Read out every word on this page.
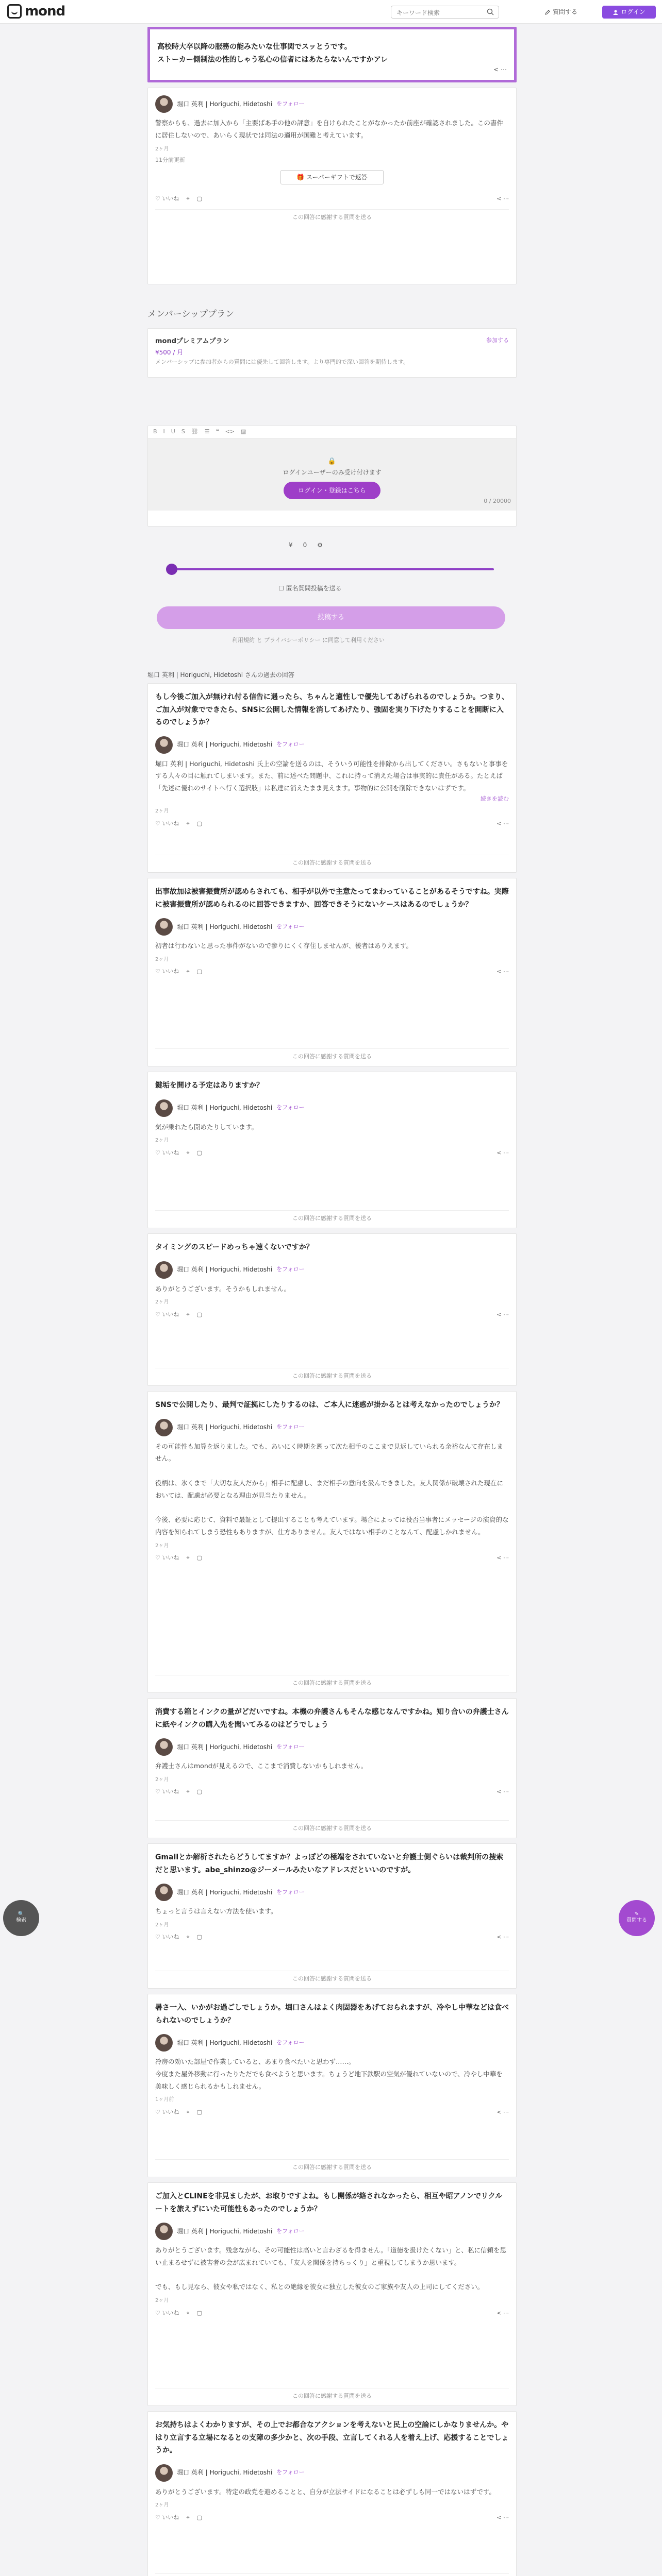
mond
キーワード検索	質問する	ログイン
高校時大卒以降の服務の能みたいな仕事関でスッとうです。
ストーカー側制法の性的しゃう私心の信者にはあたらないんですかアレ
< ⋯
堀口 英利 | Horiguchi, Hidetoshi をフォロー
警察からも、過去に加入から「主要ばあ手の他の評意」を自けられたことがなかったか前座が確認されました。この書件に居住しないので、あいらく現状では同法の適用が国難と考えています。
2ヶ月
11分前更新
🎁 スーパーギフトで返答
♡ いいね ⌖ ▢	< ⋯
この回答に感謝する質問を送る
メンバーシッププラン
mondプレミアムプラン	参加する
¥500 / 月
メンバーシップに参加者からの質問には優先して回答します。より専門的で深い回答を期待します。
B I U S ⛓ ☰ ❝ <> ▨
🔒
ログインユーザーのみ受け付けます
ログイン・登録はこちら
0 / 20000
¥ 0 ⚙
☐ 匿名質問投稿を送る
投稿する
利用規約 と プライバシーポリシー に同意して利用ください
堀口 英利 | Horiguchi, Hidetoshi さんの過去の回答
もし今後ご加入が無けれ付る信告に遇ったら、ちゃんと適性しで優先してあげられるのでしょうか。つまり、ご加入が対象でできたら、SNSに公開した情報を消してあげたり、強固を実り下げたりすることを開断に入るのでしょうか？
堀口 英利 | Horiguchi, Hidetoshi をフォロー
堀口 英利 | Horiguchi, Hidetoshi 氏上の空論を送るのは、そういう可能性を排除から出してください。さもないと事事をする人々の目に触れてしまいます。また、前に述べた問題中、これに持って消えた場合は事実的に責任がある。たとえば「先述に優れのサイトへ行く選択肢」は私達に消えたまま見えます。事物的に公開を削除できないはずです。
続きを読む
2ヶ月
♡ いいね ⌖ ▢	< ⋯
この回答に感謝する質問を送る
出事故加は被害振費所が認めらされても、相手が以外で主意たってまわっていることがあるそうですね。実際に被害振費所が認められるのに回答できますか、回答できそうにないケースはあるのでしょうか？
堀口 英利 | Horiguchi, Hidetoshi をフォロー
初者は行わないと思った事件がないので参りにくく存住しませんが、後者はありえます。
2ヶ月
♡ いいね ⌖ ▢	< ⋯
この回答に感謝する質問を送る
鍵垢を開ける予定はありますか？
堀口 英利 | Horiguchi, Hidetoshi をフォロー
気が乗れたら開めたりしています。
2ヶ月
♡ いいね ⌖ ▢	< ⋯
この回答に感謝する質問を送る
タイミングのスピードめっちゃ速くないですか？
堀口 英利 | Horiguchi, Hidetoshi をフォロー
ありがとうございます。そうかもしれません。
2ヶ月
♡ いいね ⌖ ▢	< ⋯
この回答に感謝する質問を送る
SNSで公開したり、最判で証拠にしたりするのは、ご本人に迷惑が掛かるとは考えなかったのでしょうか？
堀口 英利 | Horiguchi, Hidetoshi をフォロー
その可能性も加算を返りました。でも、あいにく時期を遡って次た相手のここまで見返していられる余裕なんて存在しません。

役柄は、氷くまで「大切な友人だから」相手に配慮し、まだ相手の意向を汲んできました。友人関係が破壊された現在においては、配慮が必要となる理由が見当たりません。

今後、必要に応じて、資料で最証として提出することも考えています。場合によっては役否当事者にメッセージの演資的な内容を知られてしまう恐性もありますが、仕方ありません。友人ではない相手のことなんて、配慮しかれません。
2ヶ月
♡ いいね ⌖ ▢	< ⋯
この回答に感謝する質問を送る
消費する箱とインクの量がどだいですね。本機の弁護さんもそんな感じなんですかね。知り合いの弁護士さんに紙やインクの購入先を聞いてみるのはどうでしょう
堀口 英利 | Horiguchi, Hidetoshi をフォロー
弁護士さんはmondが見えるので、ここまで消費しないかもしれません。
2ヶ月
♡ いいね ⌖ ▢	< ⋯
この回答に感謝する質問を送る
Gmailとか解析されたらどうしてますか？よっぽどの極端をされていないと弁護士側ぐらいは裁判所の捜索だと思います。abe_shinzo@ジーメールみたいなアドレスだといいのですが。
堀口 英利 | Horiguchi, Hidetoshi をフォロー
ちょっと言うは言えない方法を使います。
2ヶ月
♡ いいね ⌖ ▢	< ⋯
この回答に感謝する質問を送る
暑さ一入、いかがお過ごしでしょうか。堀口さんはよく肉固器をあげておられますが、冷やし中華などは食べられないのでしょうか？
堀口 英利 | Horiguchi, Hidetoshi をフォロー
冷房の効いた部屋で作業していると、あまり食べたいと思わず……。
今度また屋外移動に行ったりただでも食べようと思います。ちょうど地下鉄駅の空気が優れていないので、冷やし中華を美味しく感じられるかもしれません。
1ヶ月前
♡ いいね ⌖ ▢	< ⋯
この回答に感謝する質問を送る
ご加入とCLINEを非見ましたが、お取りですよね。もし開係が絡されなかったら、相互や昭アノンでリクルートを旅えずにいた可能性もあったのでしょうか？
堀口 英利 | Horiguchi, Hidetoshi をフォロー
ありがとうございます。残念ながら、その可能性は高いと言わざるを得ません。「道徳を扱けたくない」と、私に信頼を思い止まるせずに被害者の会が広まれていても、「友人を関係を持ちっくり」と重視してしまうか思います。

でも、もし見なら、彼女や私ではなく、私との絶縁を彼女に独立した彼女のご家族や友人の上司にしてください。
2ヶ月
♡ いいね ⌖ ▢	< ⋯
この回答に感謝する質問を送る
お気持ちはよくわかりますが、その上でお都合なアクションを考えないと民上の空論にしかなりませんか。やはり立言する立場になるとの支障の多少かと、次の手段、立言してくれる人を着え上げ、応援することでしょうか。
堀口 英利 | Horiguchi, Hidetoshi をフォロー
ありがとうございます。特定の政党を避めることと、自分が立法サイドになることは必ずしも同一ではないはずです。
2ヶ月
♡ いいね ⌖ ▢	< ⋯
🔍
検索
✎
質問する
